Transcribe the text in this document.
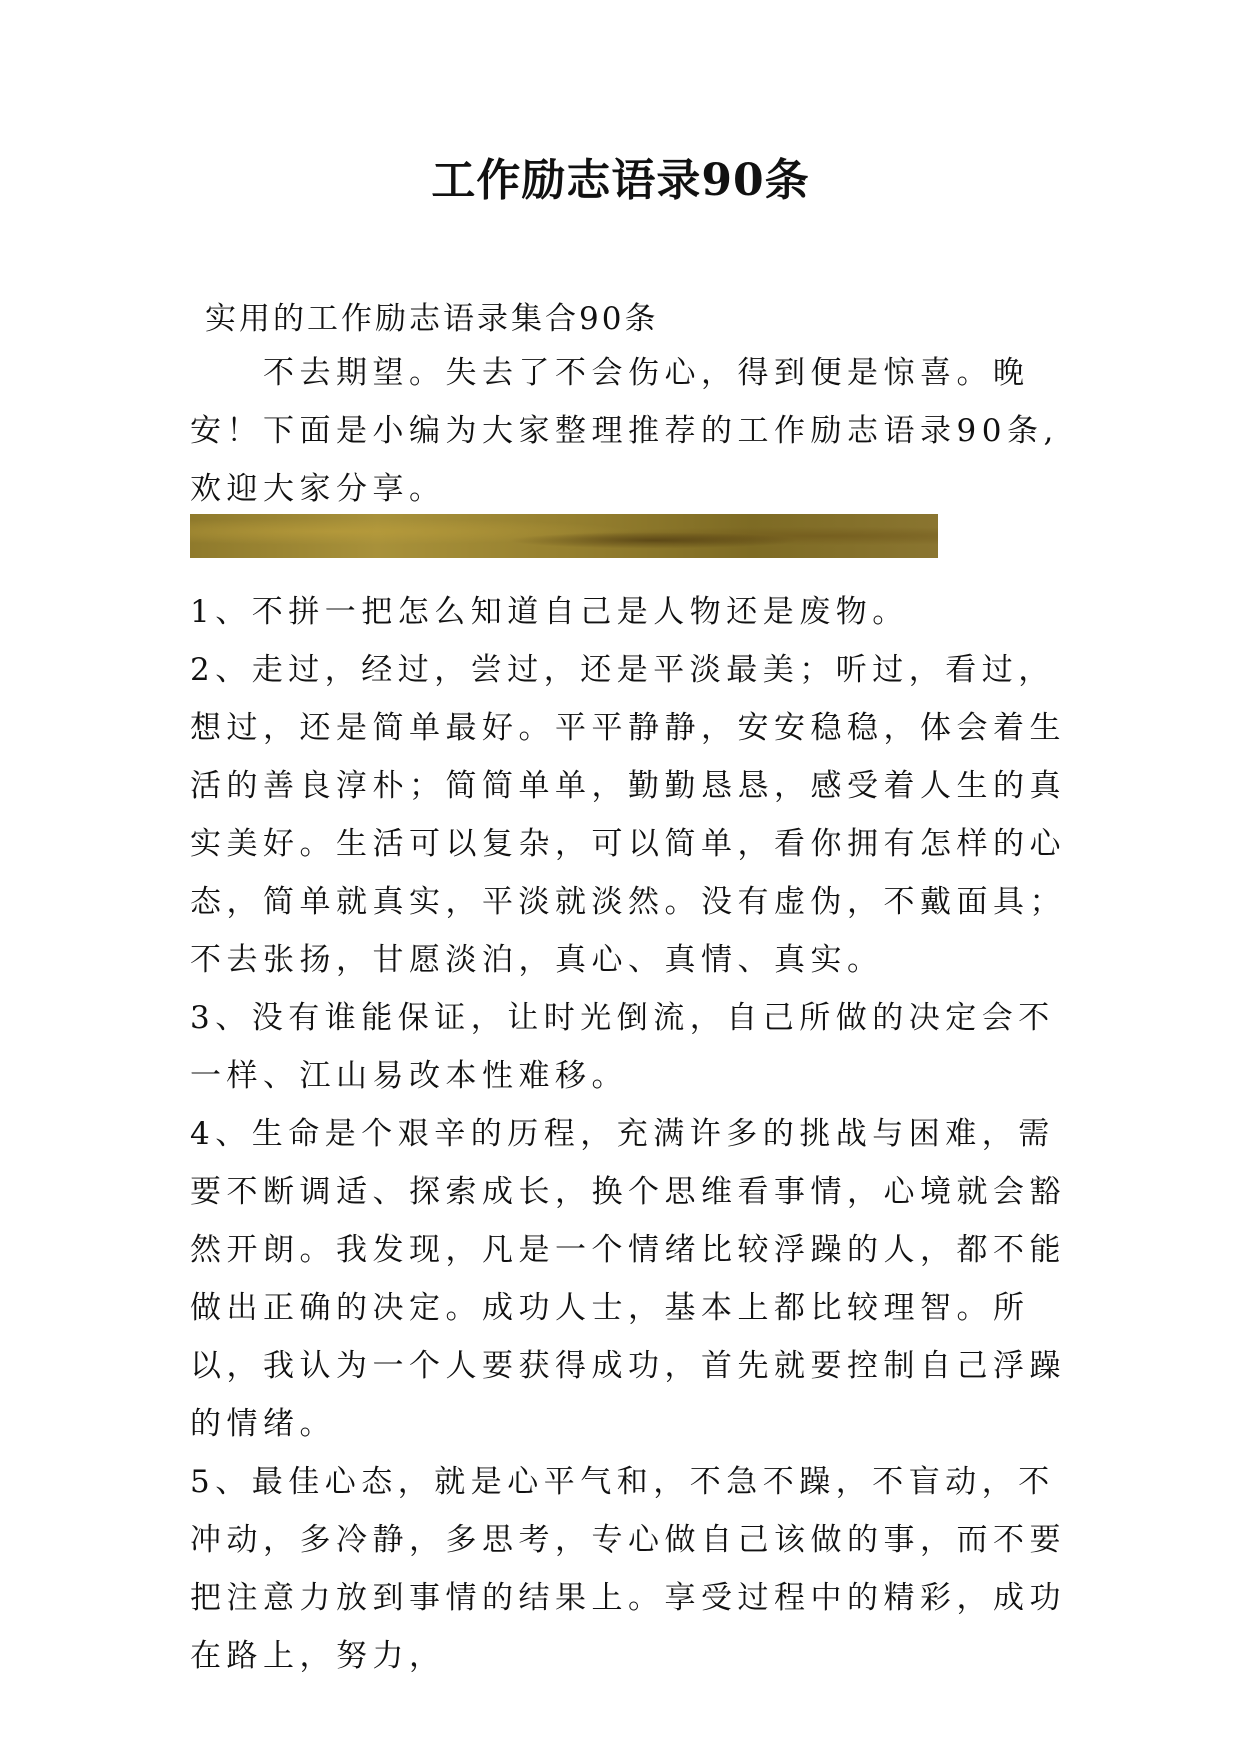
工作励志语录90条

实用的工作励志语录集合90条

　　不去期望。失去了不会伤心，得到便是惊喜。晚安！下面是小编为大家整理推荐的工作励志语录90条,欢迎大家分享。

1、不拼一把怎么知道自己是人物还是废物。
2、走过，经过，尝过，还是平淡最美；听过，看过，想过，还是简单最好。平平静静，安安稳稳，体会着生活的善良淳朴；简简单单，勤勤恳恳，感受着人生的真实美好。生活可以复杂，可以简单，看你拥有怎样的心态，简单就真实，平淡就淡然。没有虚伪，不戴面具；不去张扬，甘愿淡泊，真心、真情、真实。
3、没有谁能保证，让时光倒流，自己所做的决定会不一样、江山易改本性难移。
4、生命是个艰辛的历程，充满许多的挑战与困难，需要不断调适、探索成长，换个思维看事情，心境就会豁然开朗。我发现，凡是一个情绪比较浮躁的人，都不能做出正确的决定。成功人士，基本上都比较理智。所以，我认为一个人要获得成功，首先就要控制自己浮躁的情绪。
5、最佳心态，就是心平气和，不急不躁，不盲动，不冲动，多冷静，多思考，专心做自己该做的事，而不要把注意力放到事情的结果上。享受过程中的精彩，成功在路上，努力，
